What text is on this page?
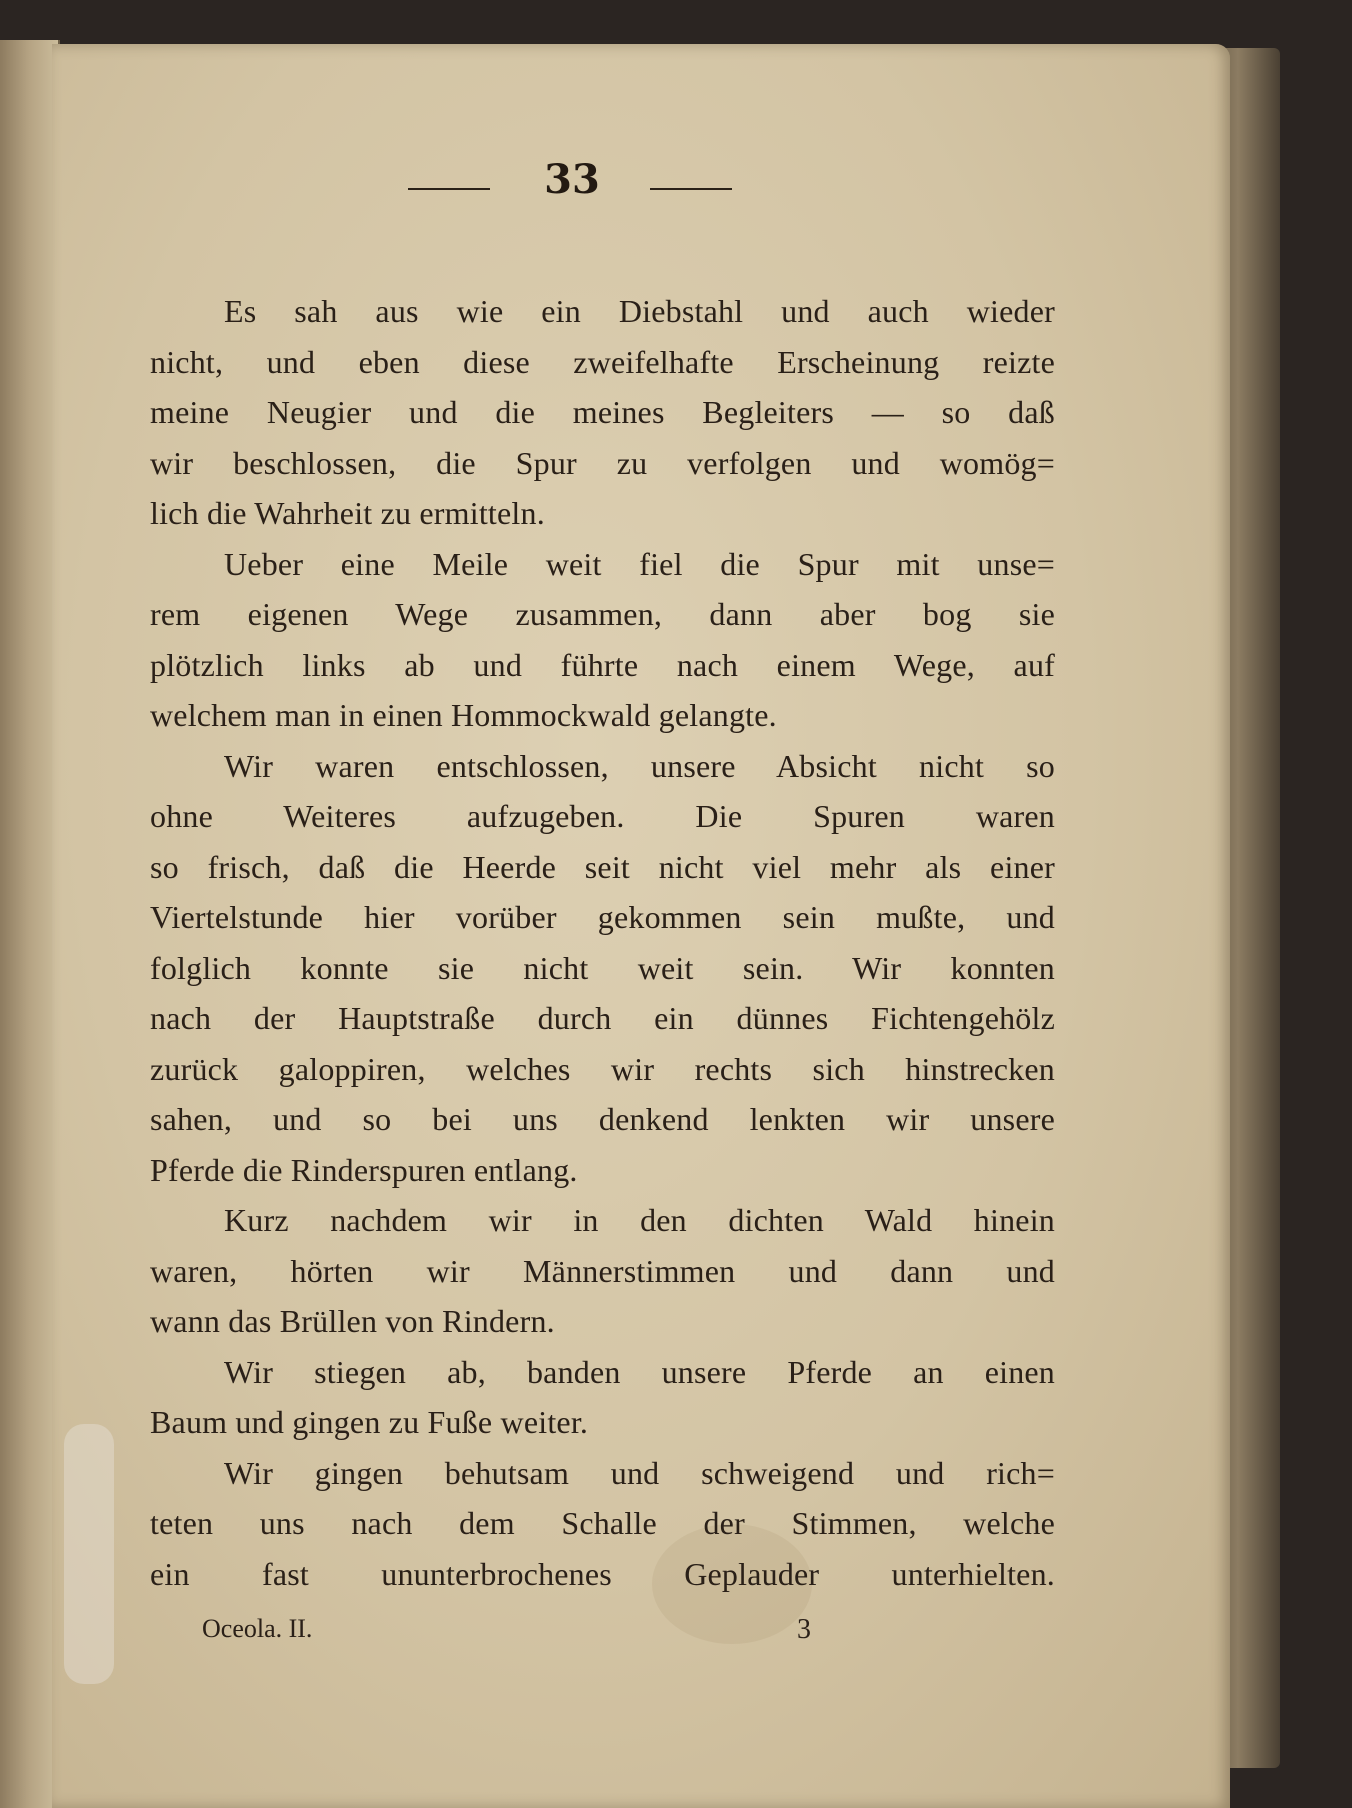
33
Es sah aus wie ein Diebstahl und auch wieder
nicht, und eben diese zweifelhafte Erscheinung reizte
meine Neugier und die meines Begleiters — so daß
wir beschlossen, die Spur zu verfolgen und womög=
lich die Wahrheit zu ermitteln.
Ueber eine Meile weit fiel die Spur mit unse=
rem eigenen Wege zusammen, dann aber bog sie
plötzlich links ab und führte nach einem Wege, auf
welchem man in einen Hommockwald gelangte.
Wir waren entschlossen, unsere Absicht nicht so
ohne Weiteres aufzugeben. Die Spuren waren
so frisch, daß die Heerde seit nicht viel mehr als einer
Viertelstunde hier vorüber gekommen sein mußte, und
folglich konnte sie nicht weit sein. Wir konnten
nach der Hauptstraße durch ein dünnes Fichtengehölz
zurück galoppiren, welches wir rechts sich hinstrecken
sahen, und so bei uns denkend lenkten wir unsere
Pferde die Rinderspuren entlang.
Kurz nachdem wir in den dichten Wald hinein
waren, hörten wir Männerstimmen und dann und
wann das Brüllen von Rindern.
Wir stiegen ab, banden unsere Pferde an einen
Baum und gingen zu Fuße weiter.
Wir gingen behutsam und schweigend und rich=
teten uns nach dem Schalle der Stimmen, welche
ein fast ununterbrochenes Geplauder unterhielten.
Oceola. II.	3
